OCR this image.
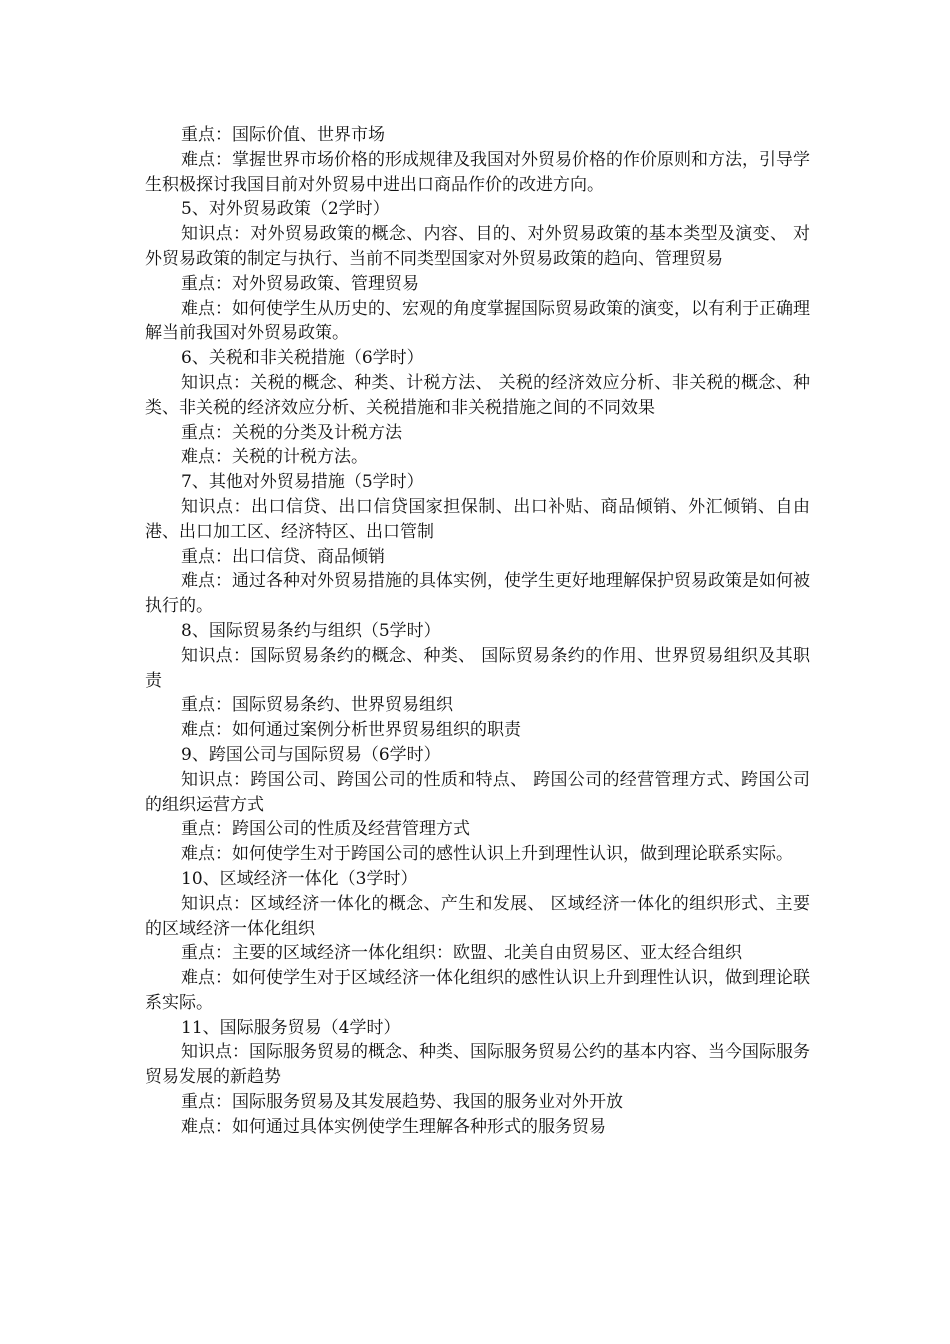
重点：国际价值、世界市场

难点：掌握世界市场价格的形成规律及我国对外贸易价格的作价原则和方法，引导学生积极探讨我国目前对外贸易中进出口商品作价的改进方向。

5、对外贸易政策（2学时）

知识点：对外贸易政策的概念、内容、目的、对外贸易政策的基本类型及演变、 对外贸易政策的制定与执行、当前不同类型国家对外贸易政策的趋向、管理贸易

重点：对外贸易政策、管理贸易

难点：如何使学生从历史的、宏观的角度掌握国际贸易政策的演变，以有利于正确理解当前我国对外贸易政策。

6、关税和非关税措施（6学时）

知识点：关税的概念、种类、计税方法、 关税的经济效应分析、非关税的概念、种类、非关税的经济效应分析、关税措施和非关税措施之间的不同效果

重点：关税的分类及计税方法

难点：关税的计税方法。

7、其他对外贸易措施（5学时）

知识点：出口信贷、出口信贷国家担保制、出口补贴、商品倾销、外汇倾销、自由港、出口加工区、经济特区、出口管制

重点：出口信贷、商品倾销

难点：通过各种对外贸易措施的具体实例，使学生更好地理解保护贸易政策是如何被执行的。

8、国际贸易条约与组织（5学时）

知识点：国际贸易条约的概念、种类、 国际贸易条约的作用、世界贸易组织及其职责

重点：国际贸易条约、世界贸易组织

难点：如何通过案例分析世界贸易组织的职责

9、跨国公司与国际贸易（6学时）

知识点：跨国公司、跨国公司的性质和特点、 跨国公司的经营管理方式、跨国公司的组织运营方式

重点：跨国公司的性质及经营管理方式

难点：如何使学生对于跨国公司的感性认识上升到理性认识，做到理论联系实际。

10、区域经济一体化（3学时）

知识点：区域经济一体化的概念、产生和发展、 区域经济一体化的组织形式、主要的区域经济一体化组织

重点：主要的区域经济一体化组织：欧盟、北美自由贸易区、亚太经合组织

难点：如何使学生对于区域经济一体化组织的感性认识上升到理性认识，做到理论联系实际。

11、国际服务贸易（4学时）

知识点：国际服务贸易的概念、种类、国际服务贸易公约的基本内容、当今国际服务贸易发展的新趋势

重点：国际服务贸易及其发展趋势、我国的服务业对外开放

难点：如何通过具体实例使学生理解各种形式的服务贸易
